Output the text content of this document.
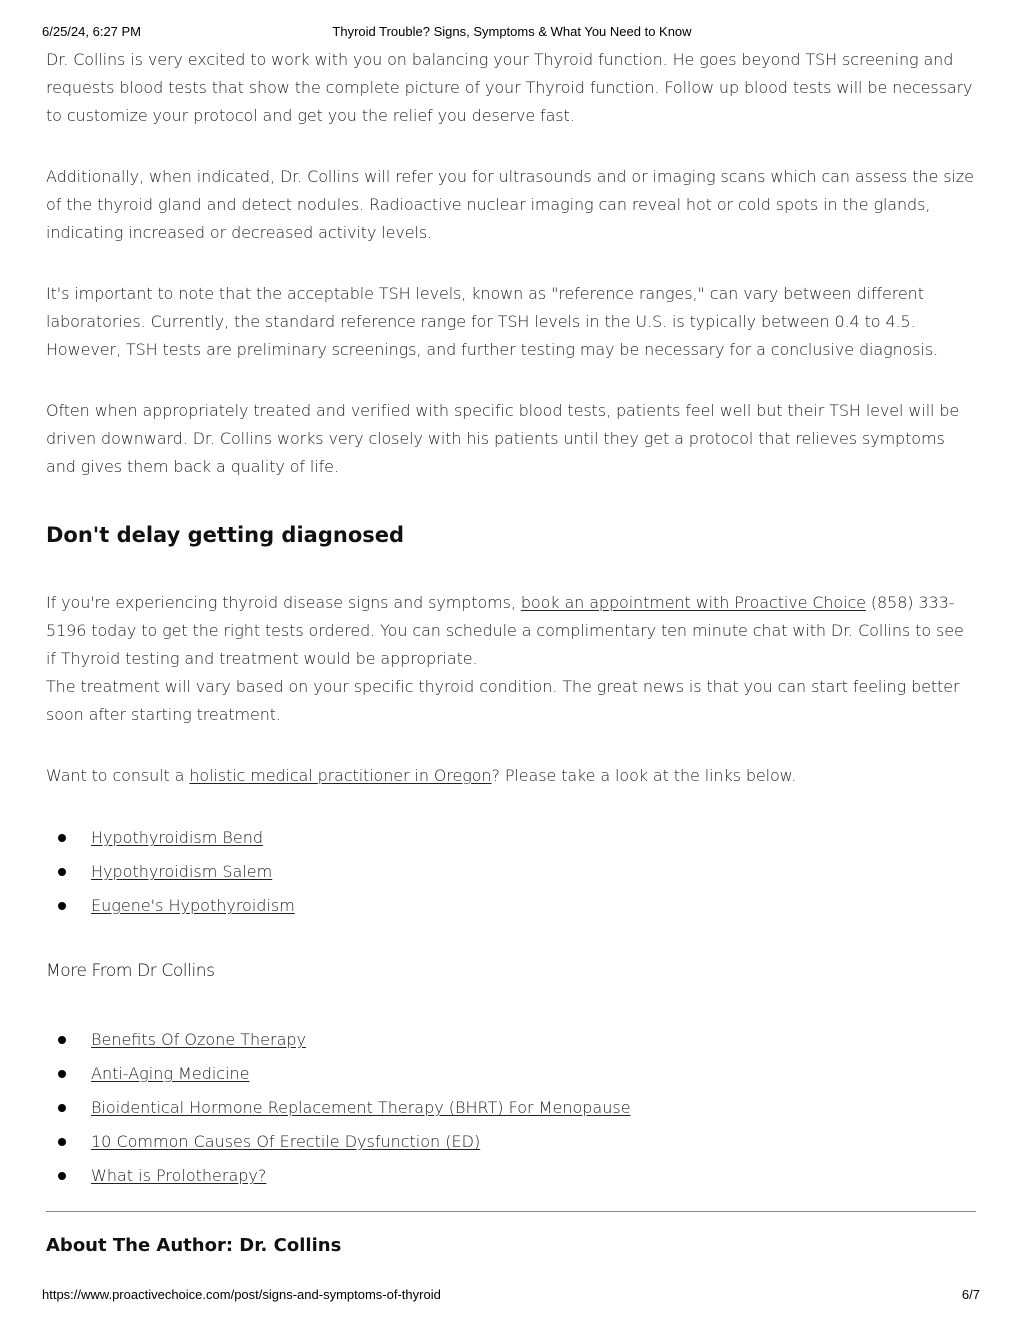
6/25/24, 6:27 PM	Thyroid Trouble? Signs, Symptoms & What You Need to Know

Dr. Collins is very excited to work with you on balancing your Thyroid function. He goes beyond TSH screening and requests blood tests that show the complete picture of your Thyroid function. Follow up blood tests will be necessary to customize your protocol and get you the relief you deserve fast.

Additionally, when indicated, Dr. Collins will refer you for ultrasounds and or imaging scans which can assess the size of the thyroid gland and detect nodules. Radioactive nuclear imaging can reveal hot or cold spots in the glands, indicating increased or decreased activity levels.

It's important to note that the acceptable TSH levels, known as "reference ranges," can vary between different laboratories. Currently, the standard reference range for TSH levels in the U.S. is typically between 0.4 to 4.5. However, TSH tests are preliminary screenings, and further testing may be necessary for a conclusive diagnosis.

Often when appropriately treated and verified with specific blood tests, patients feel well but their TSH level will be driven downward. Dr. Collins works very closely with his patients until they get a protocol that relieves symptoms and gives them back a quality of life.

Don't delay getting diagnosed

If you're experiencing thyroid disease signs and symptoms, book an appointment with Proactive Choice (858) 333-5196 today to get the right tests ordered. You can schedule a complimentary ten minute chat with Dr. Collins to see if Thyroid testing and treatment would be appropriate.

The treatment will vary based on your specific thyroid condition. The great news is that you can start feeling better soon after starting treatment.

Want to consult a holistic medical practitioner in Oregon? Please take a look at the links below.

Hypothyroidism Bend
Hypothyroidism Salem
Eugene's Hypothyroidism
More From Dr Collins
Benefits Of Ozone Therapy
Anti-Aging Medicine
Bioidentical Hormone Replacement Therapy (BHRT) For Menopause
10 Common Causes Of Erectile Dysfunction (ED)
What is Prolotherapy?
About The Author: Dr. Collins
https://www.proactivechoice.com/post/signs-and-symptoms-of-thyroid	6/7
